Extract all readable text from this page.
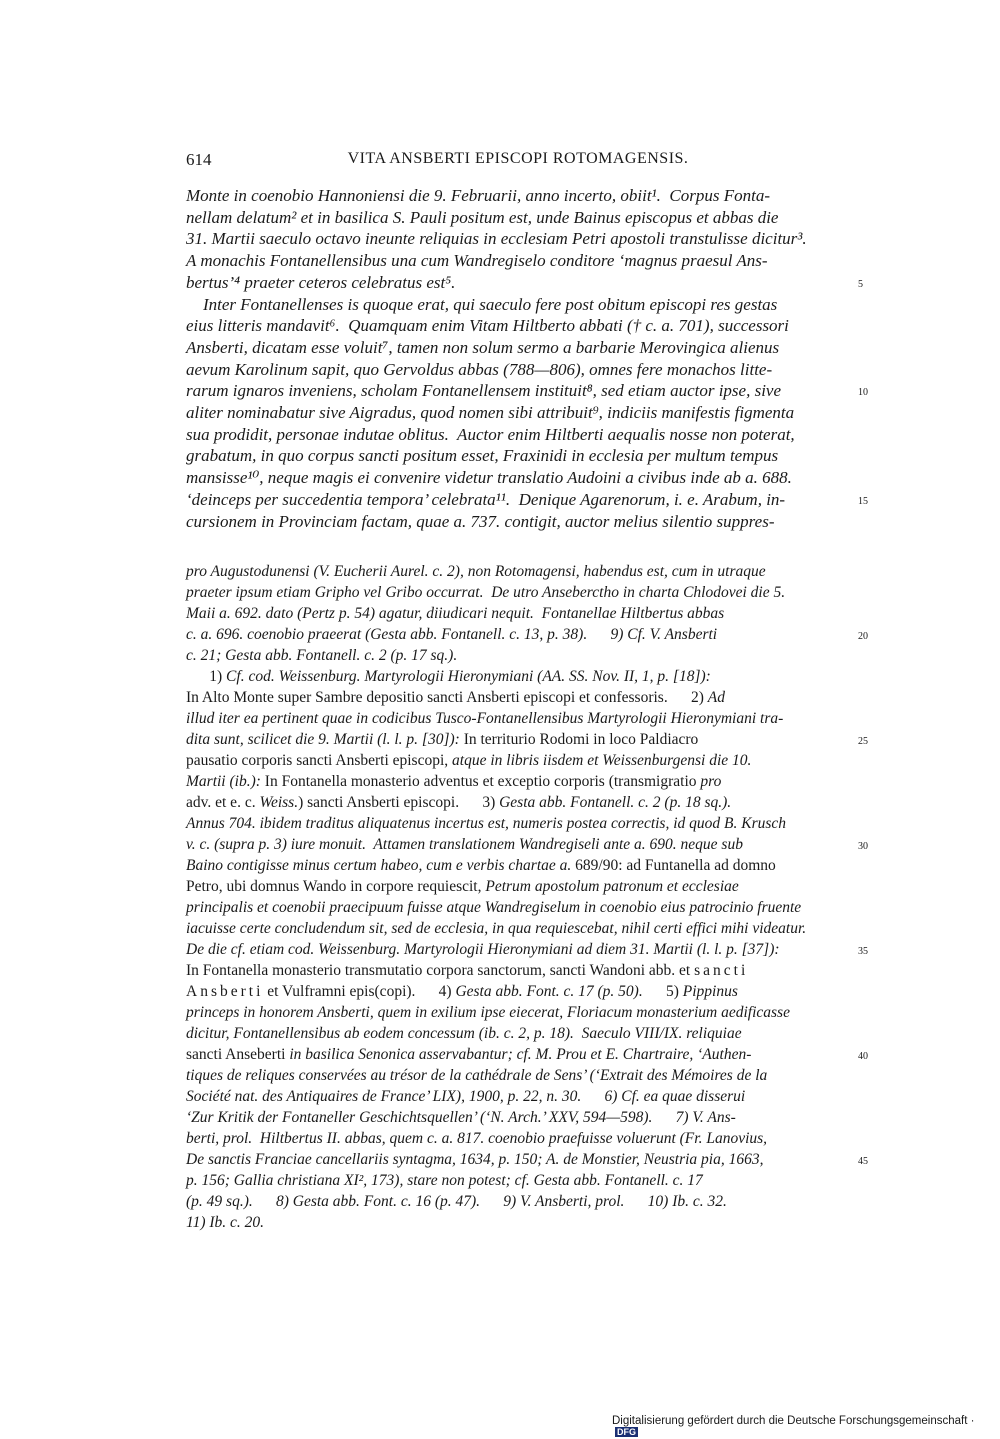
614	VITA ANSBERTI EPISCOPI ROTOMAGENSIS.
Monte in coenobio Hannoniensi die 9. Februarii, anno incerto, obiit¹.  Corpus Fonta-
nellam delatum² et in basilica S. Pauli positum est, unde Bainus episcopus et abbas die
31. Martii saeculo octavo ineunte reliquias in ecclesiam Petri apostoli transtulisse dicitur³.
A monachis Fontanellensibus una cum Wandregiselo conditore ‘magnus praesul Ans-
bertus’⁴ praeter ceteros celebratus est⁵.
Inter Fontanellenses is quoque erat, qui saeculo fere post obitum episcopi res gestas
eius litteris mandavit⁶.  Quamquam enim Vitam Hiltberto abbati († c. a. 701), successori
Ansberti, dicatam esse voluit⁷, tamen non solum sermo a barbarie Merovingica alienus
aevum Karolinum sapit, quo Gervoldus abbas (788—806), omnes fere monachos litte-
rarum ignaros inveniens, scholam Fontanellensem instituit⁸, sed etiam auctor ipse, sive
aliter nominabatur sive Aigradus, quod nomen sibi attribuit⁹, indiciis manifestis figmenta
sua prodidit, personae indutae oblitus.  Auctor enim Hiltberti aequalis nosse non poterat,
grabatum, in quo corpus sancti positum esset, Fraxinidi in ecclesia per multum tempus
mansisse¹⁰, neque magis ei convenire videtur translatio Audoini a civibus inde ab a. 688.
‘deinceps per succedentia tempora’ celebrata¹¹.  Denique Agarenorum, i. e. Arabum, in-
cursionem in Provinciam factam, quae a. 737. contigit, auctor melius silentio suppres-
5
10
15
pro Augustodunensi (V. Eucherii Aurel. c. 2), non Rotomagensi, habendus est, cum in utraque
praeter ipsum etiam Gripho vel Gribo occurrat.  De utro Anseberctho in charta Chlodovei die 5.
Maii a. 692. dato (Pertz p. 54) agatur, diiudicari nequit.  Fontanellae Hiltbertus abbas
c. a. 696. coenobio praeerat (Gesta abb. Fontanell. c. 13, p. 38).      9) Cf. V. Ansberti
c. 21; Gesta abb. Fontanell. c. 2 (p. 17 sq.).
1) Cf. cod. Weissenburg. Martyrologii Hieronymiani (AA. SS. Nov. II, 1, p. [18]):
In Alto Monte super Sambre depositio sancti Ansberti episcopi et confessoris.      2) Ad
illud iter ea pertinent quae in codicibus Tusco-Fontanellensibus Martyrologii Hieronymiani tra-
dita sunt, scilicet die 9. Martii (l. l. p. [30]): In territurio Rodomi in loco Paldiacro
pausatio corporis sancti Ansberti episcopi, atque in libris iisdem et Weissenburgensi die 10.
Martii (ib.): In Fontanella monasterio adventus et exceptio corporis (transmigratio pro
adv. et e. c. Weiss.) sancti Ansberti episcopi.      3) Gesta abb. Fontanell. c. 2 (p. 18 sq.).
Annus 704. ibidem traditus aliquatenus incertus est, numeris postea correctis, id quod B. Krusch
v. c. (supra p. 3) iure monuit.  Attamen translationem Wandregiseli ante a. 690. neque sub
Baino contigisse minus certum habeo, cum e verbis chartae a. 689/90: ad Funtanella ad domno
Petro, ubi domnus Wando in corpore requiescit, Petrum apostolum patronum et ecclesiae
principalis et coenobii praecipuum fuisse atque Wandregiselum in coenobio eius patrocinio fruente
iacuisse certe concludendum sit, sed de ecclesia, in qua requiescebat, nihil certi effici mihi videatur.
De die cf. etiam cod. Weissenburg. Martyrologii Hieronymiani ad diem 31. Martii (l. l. p. [37]):
In Fontanella monasterio transmutatio corpora sanctorum, sancti Wandoni abb. et sancti
Ansberti et Vulframni epis(copi).      4) Gesta abb. Font. c. 17 (p. 50).      5) Pippinus
princeps in honorem Ansberti, quem in exilium ipse eiecerat, Floriacum monasterium aedificasse
dicitur, Fontanellensibus ab eodem concessum (ib. c. 2, p. 18).  Saeculo VIII/IX. reliquiae
sancti Anseberti in basilica Senonica asservabantur; cf. M. Prou et E. Chartraire, ‘Authen-
tiques de reliques conservées au trésor de la cathédrale de Sens’ (‘Extrait des Mémoires de la
Société nat. des Antiquaires de France’ LIX), 1900, p. 22, n. 30.      6) Cf. ea quae disserui
‘Zur Kritik der Fontaneller Geschichtsquellen’ (‘N. Arch.’ XXV, 594—598).      7) V. Ans-
berti, prol.  Hiltbertus II. abbas, quem c. a. 817. coenobio praefuisse voluerunt (Fr. Lanovius,
De sanctis Franciae cancellariis syntagma, 1634, p. 150; A. de Monstier, Neustria pia, 1663,
p. 156; Gallia christiana XI², 173), stare non potest; cf. Gesta abb. Fontanell. c. 17
(p. 49 sq.).      8) Gesta abb. Font. c. 16 (p. 47).      9) V. Ansberti, prol.      10) Ib. c. 32.
11) Ib. c. 20.
20
25
30
35
40
45
Digitalisierung gefördert durch die Deutsche Forschungsgemeinschaft · DFG
